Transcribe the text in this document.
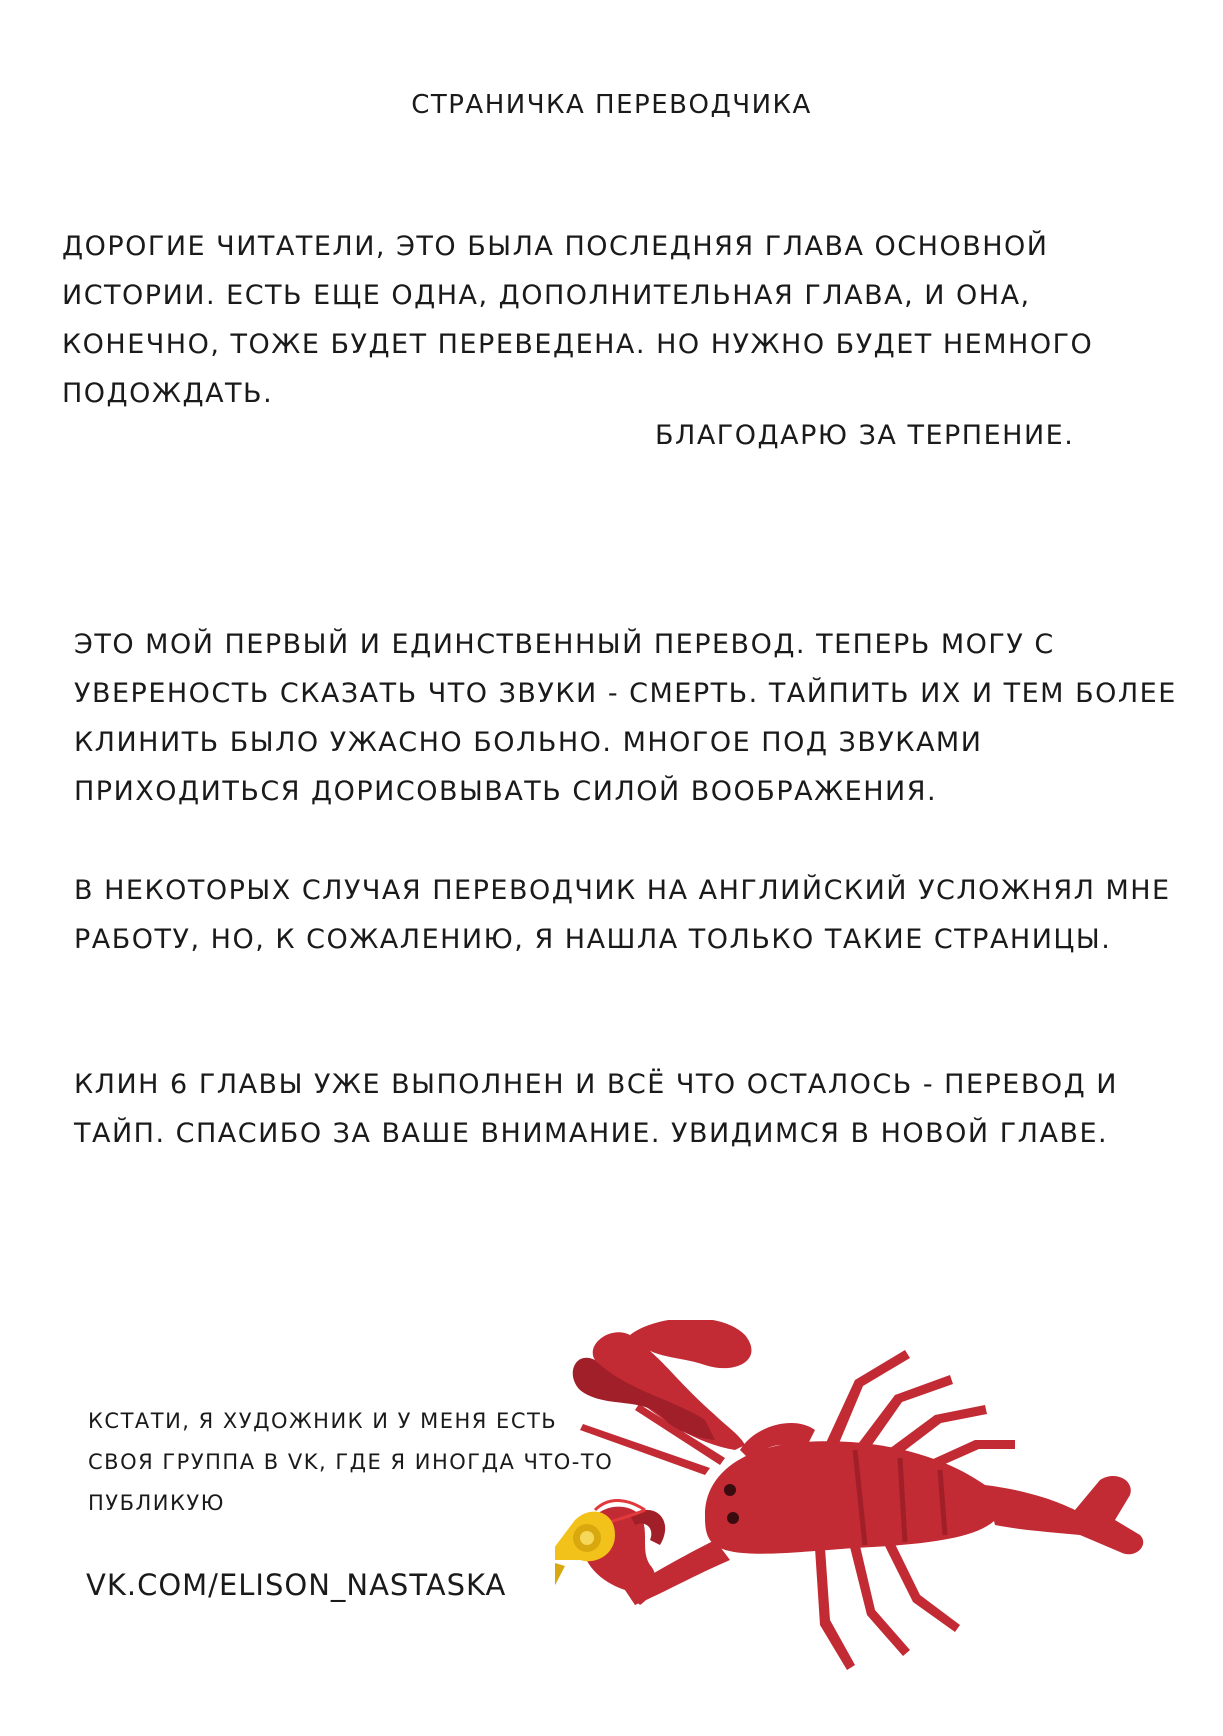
СТРАНИЧКА ПЕРЕВОДЧИКА

ДОРОГИЕ ЧИТАТЕЛИ, ЭТО БЫЛА ПОСЛЕДНЯЯ ГЛАВА ОСНОВНОЙ ИСТОРИИ. ЕСТЬ ЕЩЕ ОДНА, ДОПОЛНИТЕЛЬНАЯ ГЛАВА, И ОНА, КОНЕЧНО, ТОЖЕ БУДЕТ ПЕРЕВЕДЕНА. НО НУЖНО БУДЕТ НЕМНОГО ПОДОЖДАТЬ.

БЛАГОДАРЮ ЗА ТЕРПЕНИЕ.

ЭТО МОЙ ПЕРВЫЙ И ЕДИНСТВЕННЫЙ ПЕРЕВОД. ТЕПЕРЬ МОГУ С УВЕРЕНОСТЬ СКАЗАТЬ ЧТО ЗВУКИ - СМЕРТЬ. ТАЙПИТЬ ИХ И ТЕМ БОЛЕЕ КЛИНИТЬ БЫЛО УЖАСНО БОЛЬНО. МНОГОЕ ПОД ЗВУКАМИ ПРИХОДИТЬСЯ ДОРИСОВЫВАТЬ СИЛОЙ ВООБРАЖЕНИЯ.

В НЕКОТОРЫХ СЛУЧАЯ ПЕРЕВОДЧИК НА АНГЛИЙСКИЙ УСЛОЖНЯЛ МНЕ РАБОТУ, НО, К СОЖАЛЕНИЮ, Я НАШЛА ТОЛЬКО ТАКИЕ СТРАНИЦЫ.

КЛИН 6 ГЛАВЫ УЖЕ ВЫПОЛНЕН И ВСЁ ЧТО ОСТАЛОСЬ - ПЕРЕВОД И ТАЙП. СПАСИБО ЗА ВАШЕ ВНИМАНИЕ. УВИДИМСЯ В НОВОЙ ГЛАВЕ.

КСТАТИ, Я ХУДОЖНИК И У МЕНЯ ЕСТЬ СВОЯ ГРУППА В VK, ГДЕ Я ИНОГДА ЧТО-ТО ПУБЛИКУЮ

VK.COM/ELISON_NASTASKA
